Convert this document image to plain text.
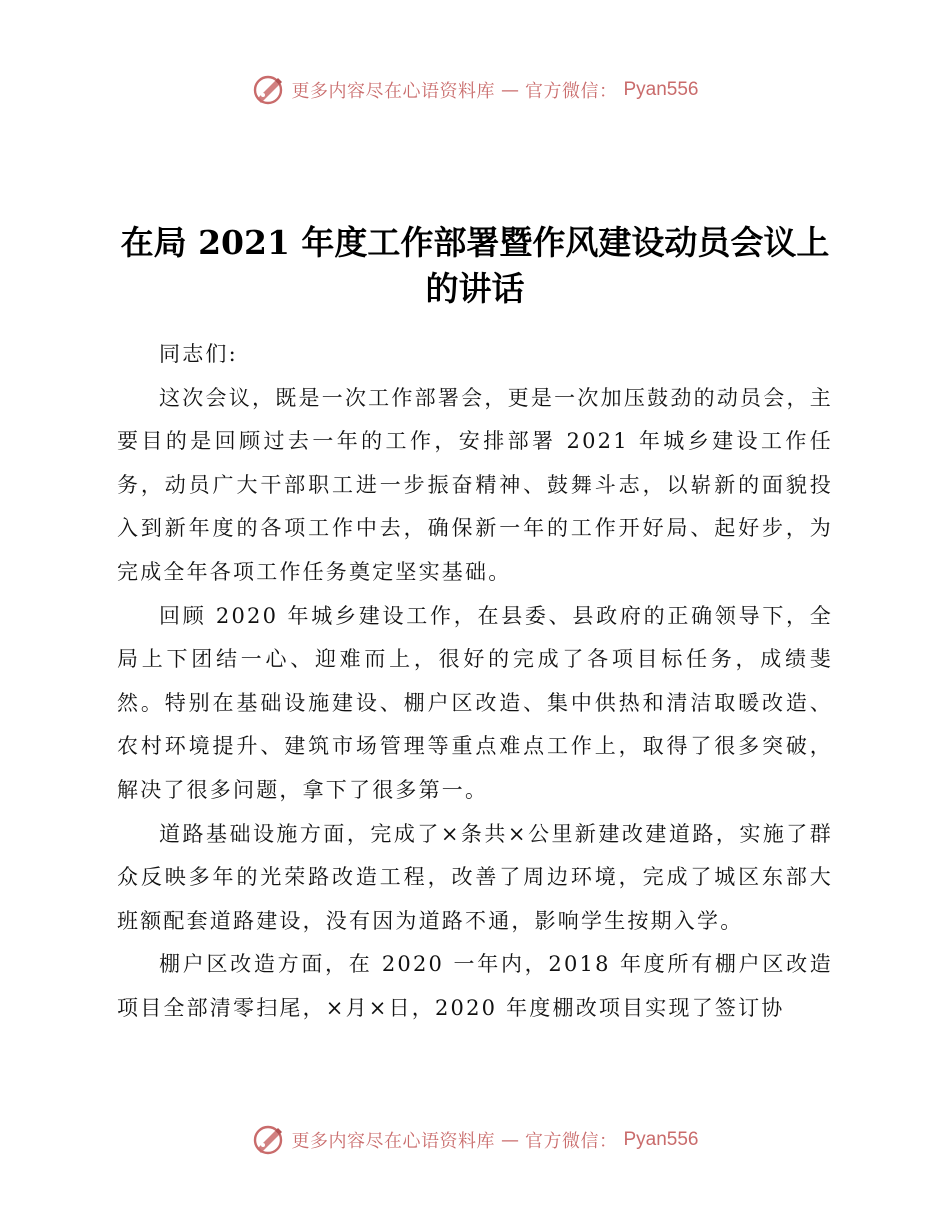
更多内容尽在心语资料库 — 官方微信： Pyan556
在局 2021 年度工作部署暨作风建设动员会议上的讲话

同志们:

这次会议，既是一次工作部署会，更是一次加压鼓劲的动员会，主要目的是回顾过去一年的工作，安排部署 2021 年城乡建设工作任务，动员广大干部职工进一步振奋精神、鼓舞斗志，以崭新的面貌投入到新年度的各项工作中去，确保新一年的工作开好局、起好步，为完成全年各项工作任务奠定坚实基础。

回顾 2020 年城乡建设工作，在县委、县政府的正确领导下，全局上下团结一心、迎难而上，很好的完成了各项目标任务，成绩斐然。特别在基础设施建设、棚户区改造、集中供热和清洁取暖改造、农村环境提升、建筑市场管理等重点难点工作上，取得了很多突破，解决了很多问题，拿下了很多第一。

道路基础设施方面，完成了×条共×公里新建改建道路，实施了群众反映多年的光荣路改造工程，改善了周边环境，完成了城区东部大班额配套道路建设，没有因为道路不通，影响学生按期入学。

棚户区改造方面，在 2020 一年内，2018 年度所有棚户区改造项目全部清零扫尾，×月×日，2020 年度棚改项目实现了签订协

更多内容尽在心语资料库 — 官方微信： Pyan556
